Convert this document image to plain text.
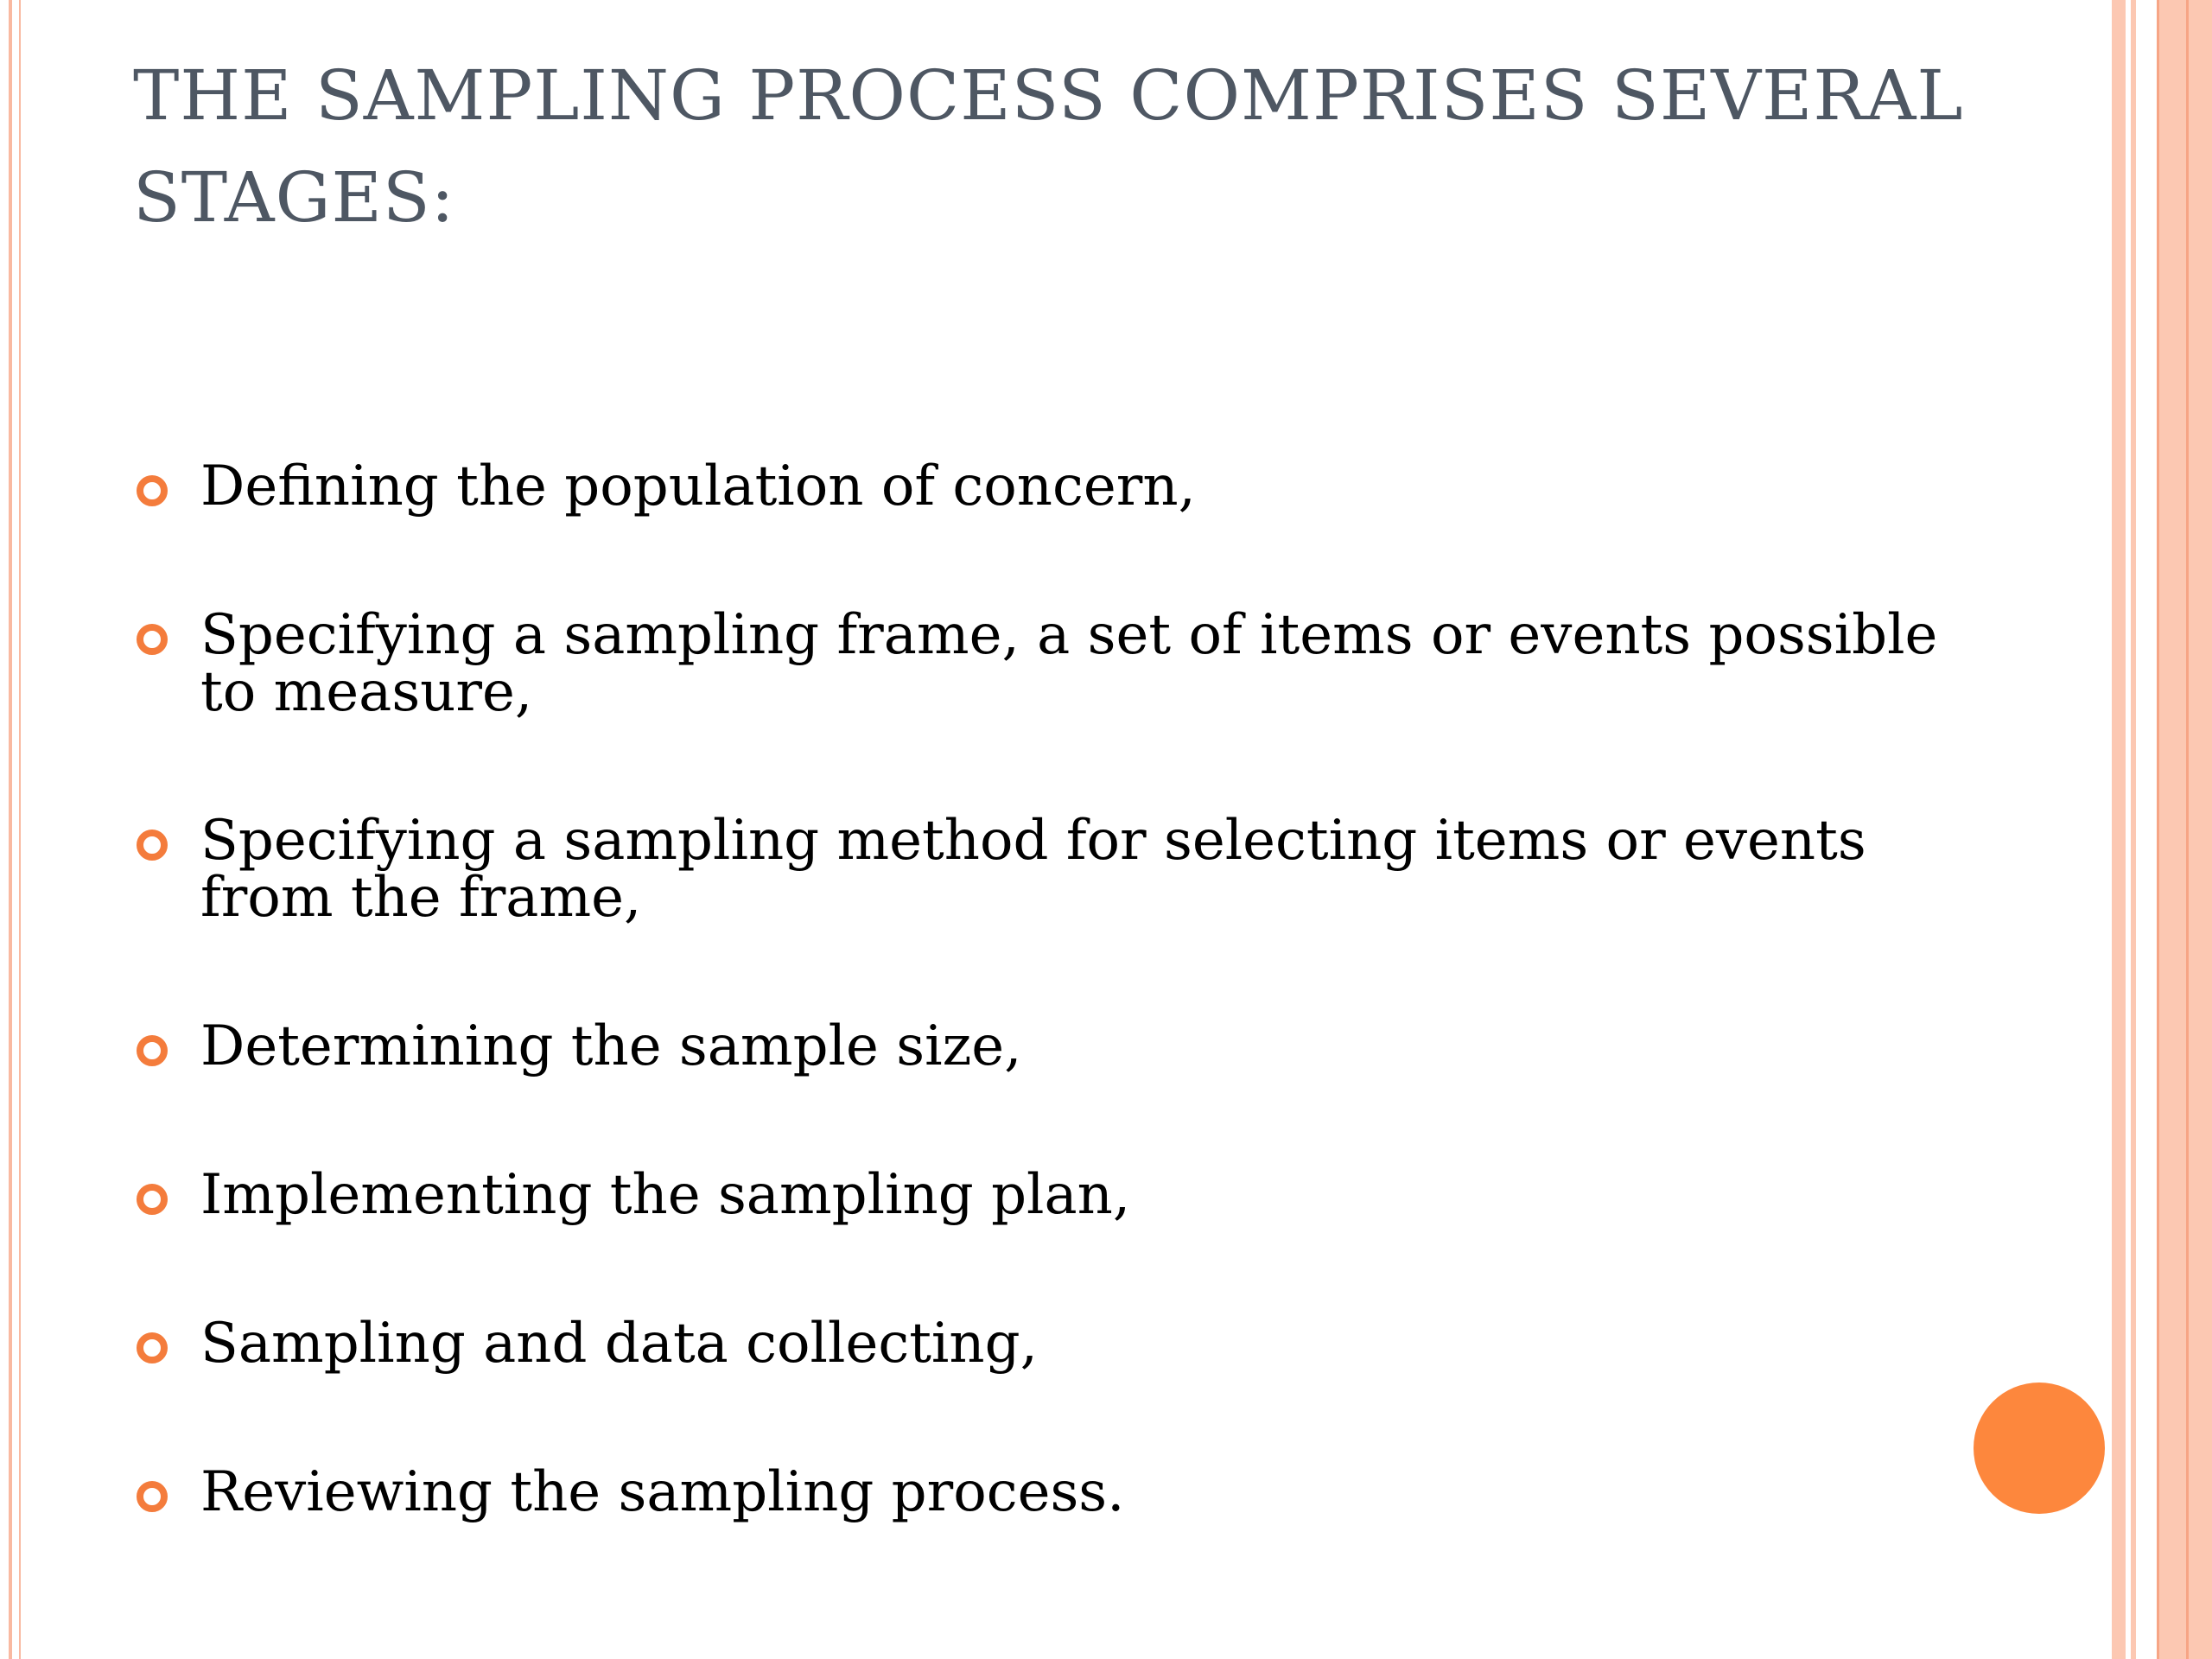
THE SAMPLING PROCESS COMPRISES SEVERAL STAGES:
Defining the population of concern,
Specifying a sampling frame, a set of items or events possible to measure,
Specifying a sampling method for selecting items or events from the frame,
Determining the sample size,
Implementing the sampling plan,
Sampling and data collecting,
Reviewing the sampling process.
